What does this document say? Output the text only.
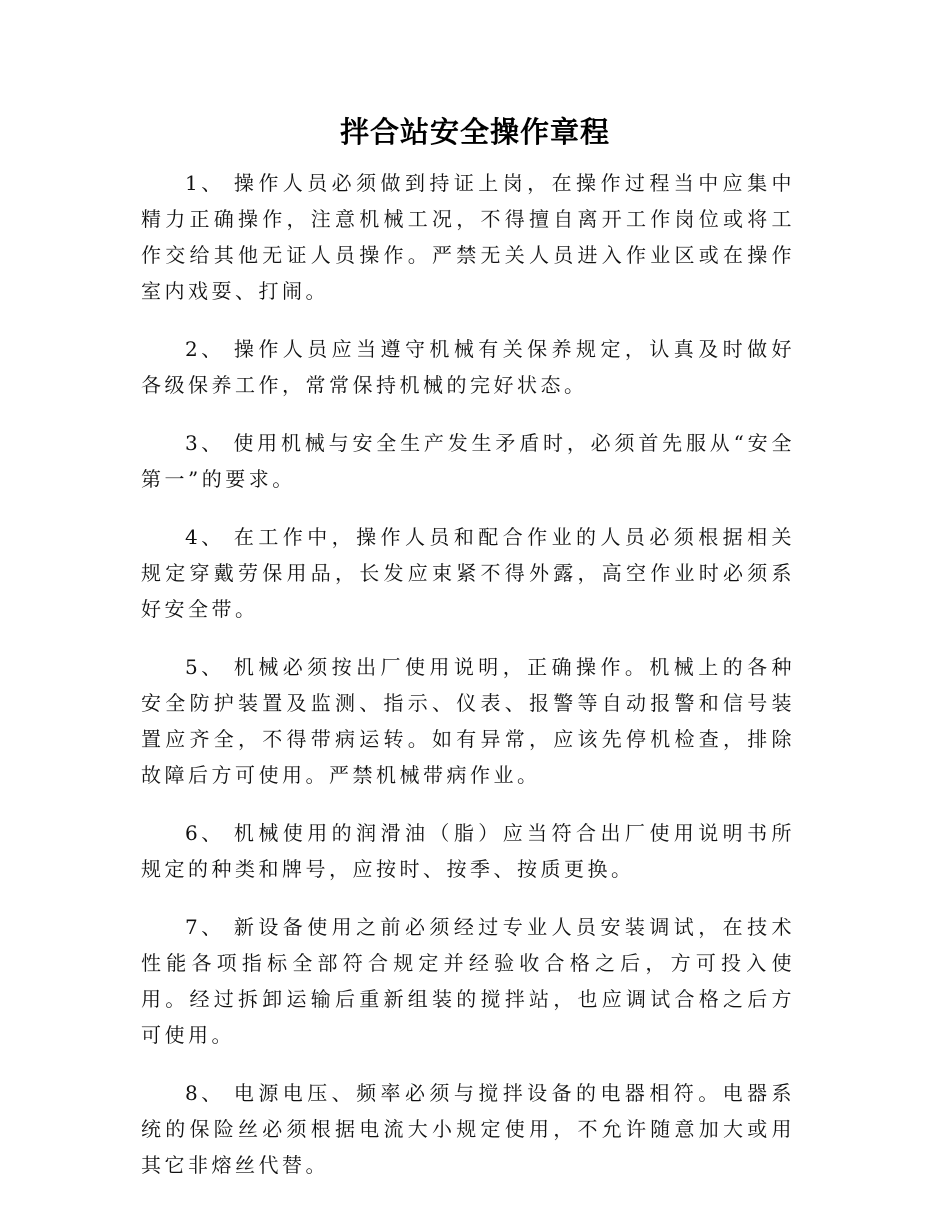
拌合站安全操作章程

1、 操作人员必须做到持证上岗，在操作过程当中应集中精力正确操作，注意机械工况，不得擅自离开工作岗位或将工作交给其他无证人员操作。严禁无关人员进入作业区或在操作室内戏耍、打闹。

2、 操作人员应当遵守机械有关保养规定，认真及时做好各级保养工作，常常保持机械的完好状态。

3、 使用机械与安全生产发生矛盾时，必须首先服从“安全第一”的要求。

4、 在工作中，操作人员和配合作业的人员必须根据相关规定穿戴劳保用品，长发应束紧不得外露，高空作业时必须系好安全带。

5、 机械必须按出厂使用说明，正确操作。机械上的各种安全防护装置及监测、指示、仪表、报警等自动报警和信号装置应齐全，不得带病运转。如有异常，应该先停机检查，排除故障后方可使用。严禁机械带病作业。

6、 机械使用的润滑油（脂）应当符合出厂使用说明书所规定的种类和牌号，应按时、按季、按质更换。

7、 新设备使用之前必须经过专业人员安装调试，在技术性能各项指标全部符合规定并经验收合格之后，方可投入使用。经过拆卸运输后重新组装的搅拌站，也应调试合格之后方可使用。

8、 电源电压、频率必须与搅拌设备的电器相符。电器系统的保险丝必须根据电流大小规定使用，不允许随意加大或用其它非熔丝代替。
